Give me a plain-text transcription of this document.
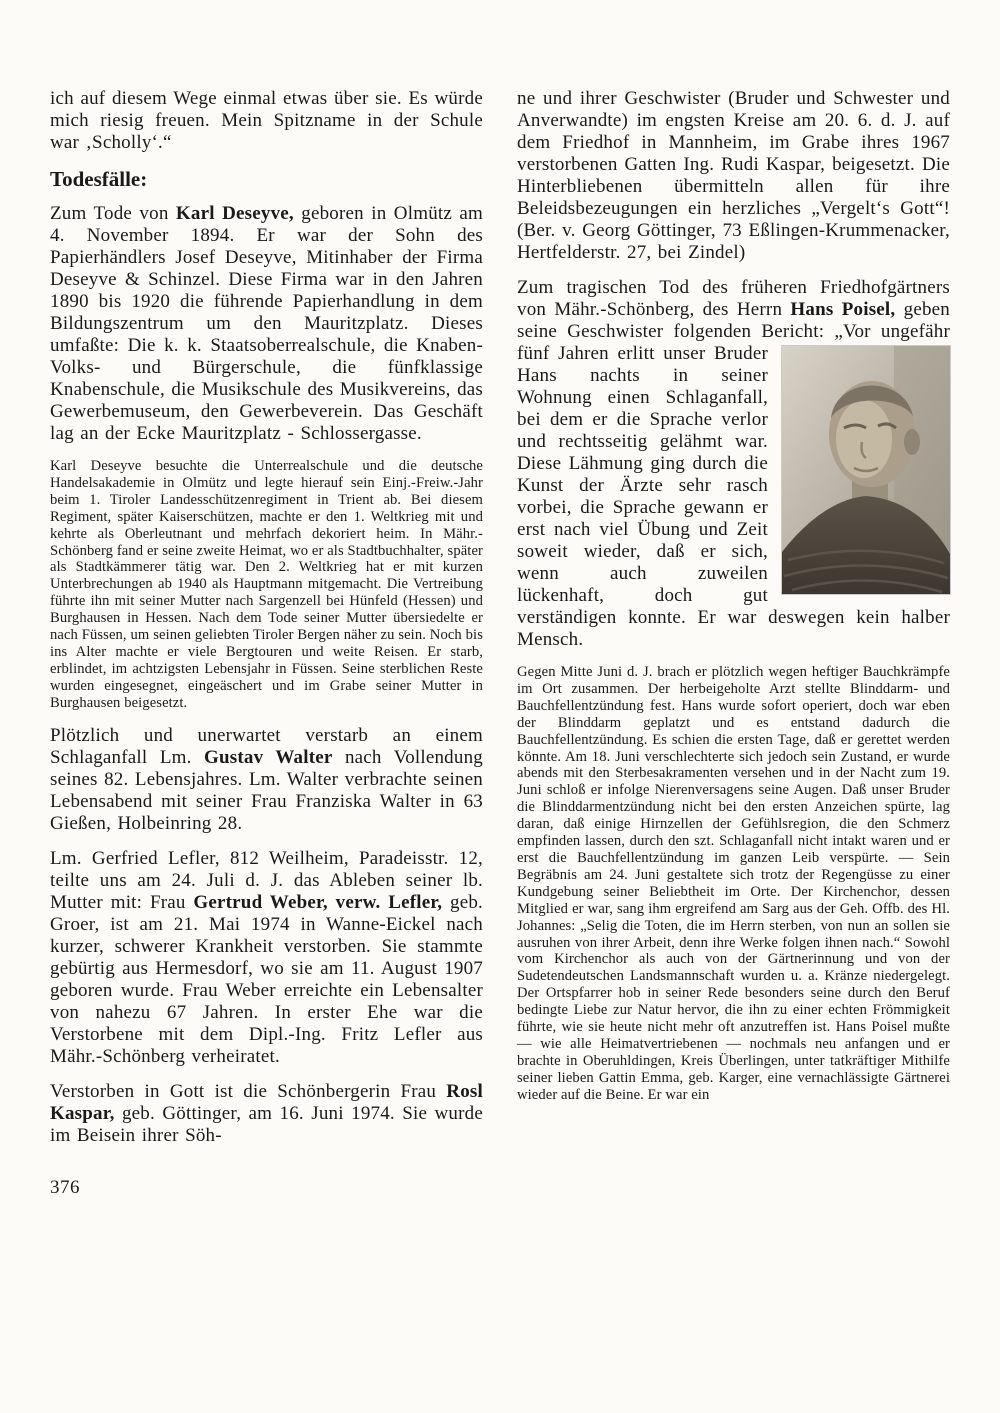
ich auf diesem Wege einmal etwas über sie. Es würde mich riesig freuen. Mein Spitzname in der Schule war ‚Scholly‘.“

Todesfälle:

Zum Tode von Karl Deseyve, geboren in Olmütz am 4. November 1894. Er war der Sohn des Papierhändlers Josef Deseyve, Mitinhaber der Firma Deseyve & Schinzel. Diese Firma war in den Jahren 1890 bis 1920 die führende Papierhandlung in dem Bildungszentrum um den Mauritzplatz. Dieses umfaßte: Die k. k. Staatsoberrealschule, die Knaben-Volks- und Bürgerschule, die fünfklassige Knabenschule, die Musikschule des Musikvereins, das Gewerbemuseum, den Gewerbeverein. Das Geschäft lag an der Ecke Mauritzplatz - Schlossergasse.

Karl Deseyve besuchte die Unterrealschule und die deutsche Handelsakademie in Olmütz und legte hierauf sein Einj.-Freiw.-Jahr beim 1. Tiroler Landesschützenregiment in Trient ab. Bei diesem Regiment, später Kaiserschützen, machte er den 1. Weltkrieg mit und kehrte als Oberleutnant und mehrfach dekoriert heim. In Mähr.-Schönberg fand er seine zweite Heimat, wo er als Stadtbuchhalter, später als Stadtkämmerer tätig war. Den 2. Weltkrieg hat er mit kurzen Unterbrechungen ab 1940 als Hauptmann mitgemacht. Die Vertreibung führte ihn mit seiner Mutter nach Sargenzell bei Hünfeld (Hessen) und Burghausen in Hessen. Nach dem Tode seiner Mutter übersiedelte er nach Füssen, um seinen geliebten Tiroler Bergen näher zu sein. Noch bis ins Alter machte er viele Bergtouren und weite Reisen. Er starb, erblindet, im achtzigsten Lebensjahr in Füssen. Seine sterblichen Reste wurden eingesegnet, eingeäschert und im Grabe seiner Mutter in Burghausen beigesetzt.

Plötzlich und unerwartet verstarb an einem Schlaganfall Lm. Gustav Walter nach Vollendung seines 82. Lebensjahres. Lm. Walter verbrachte seinen Lebensabend mit seiner Frau Franziska Walter in 63 Gießen, Holbeinring 28.

Lm. Gerfried Lefler, 812 Weilheim, Paradeisstr. 12, teilte uns am 24. Juli d. J. das Ableben seiner lb. Mutter mit: Frau Gertrud Weber, verw. Lefler, geb. Groer, ist am 21. Mai 1974 in Wanne-Eickel nach kurzer, schwerer Krankheit verstorben. Sie stammte gebürtig aus Hermesdorf, wo sie am 11. August 1907 geboren wurde. Frau Weber erreichte ein Lebensalter von nahezu 67 Jahren. In erster Ehe war die Verstorbene mit dem Dipl.-Ing. Fritz Lefler aus Mähr.-Schönberg verheiratet.

Verstorben in Gott ist die Schönbergerin Frau Rosl Kaspar, geb. Göttinger, am 16. Juni 1974. Sie wurde im Beisein ihrer Söh-

376

ne und ihrer Geschwister (Bruder und Schwester und Anverwandte) im engsten Kreise am 20. 6. d. J. auf dem Friedhof in Mannheim, im Grabe ihres 1967 verstorbenen Gatten Ing. Rudi Kaspar, beigesetzt. Die Hinterbliebenen übermitteln allen für ihre Beleidsbezeugungen ein herzliches „Vergelt‘s Gott“! (Ber. v. Georg Göttinger, 73 Eßlingen-Krummenacker, Hertfelderstr. 27, bei Zindel)

Zum tragischen Tod des früheren Friedhofgärtners von Mähr.-Schönberg, des Herrn Hans Poisel, geben seine Geschwister folgenden Bericht: „Vor ungefähr
fünf Jahren erlitt unser Bruder Hans nachts in seiner Wohnung einen Schlaganfall, bei dem er die Sprache verlor und rechtsseitig gelähmt war. Diese Lähmung ging durch die Kunst der Ärzte sehr rasch vorbei, die Sprache gewann er erst nach viel Übung und Zeit soweit wieder, daß er sich, wenn auch zuweilen lückenhaft, doch gut verständigen konnte. Er war deswegen kein halber Mensch.

Gegen Mitte Juni d. J. brach er plötzlich wegen heftiger Bauchkrämpfe im Ort zusammen. Der herbeigeholte Arzt stellte Blinddarm- und Bauchfellentzündung fest. Hans wurde sofort operiert, doch war eben der Blinddarm geplatzt und es entstand dadurch die Bauchfellentzündung. Es schien die ersten Tage, daß er gerettet werden könnte. Am 18. Juni verschlechterte sich jedoch sein Zustand, er wurde abends mit den Sterbesakramenten versehen und in der Nacht zum 19. Juni schloß er infolge Nierenversagens seine Augen. Daß unser Bruder die Blinddarmentzündung nicht bei den ersten Anzeichen spürte, lag daran, daß einige Hirnzellen der Gefühlsregion, die den Schmerz empfinden lassen, durch den szt. Schlaganfall nicht intakt waren und er erst die Bauchfellentzündung im ganzen Leib verspürte. — Sein Begräbnis am 24. Juni gestaltete sich trotz der Regengüsse zu einer Kundgebung seiner Beliebtheit im Orte. Der Kirchenchor, dessen Mitglied er war, sang ihm ergreifend am Sarg aus der Geh. Offb. des Hl. Johannes: „Selig die Toten, die im Herrn sterben, von nun an sollen sie ausruhen von ihrer Arbeit, denn ihre Werke folgen ihnen nach.“ Sowohl vom Kirchenchor als auch von der Gärtnerinnung und von der Sudetendeutschen Landsmannschaft wurden u. a. Kränze niedergelegt. Der Ortspfarrer hob in seiner Rede besonders seine durch den Beruf bedingte Liebe zur Natur hervor, die ihn zu einer echten Frömmigkeit führte, wie sie heute nicht mehr oft anzutreffen ist. Hans Poisel mußte — wie alle Heimatvertriebenen — nochmals neu anfangen und er brachte in Oberuhldingen, Kreis Überlingen, unter tatkräftiger Mithilfe seiner lieben Gattin Emma, geb. Karger, eine vernachlässigte Gärtnerei wieder auf die Beine. Er war ein
